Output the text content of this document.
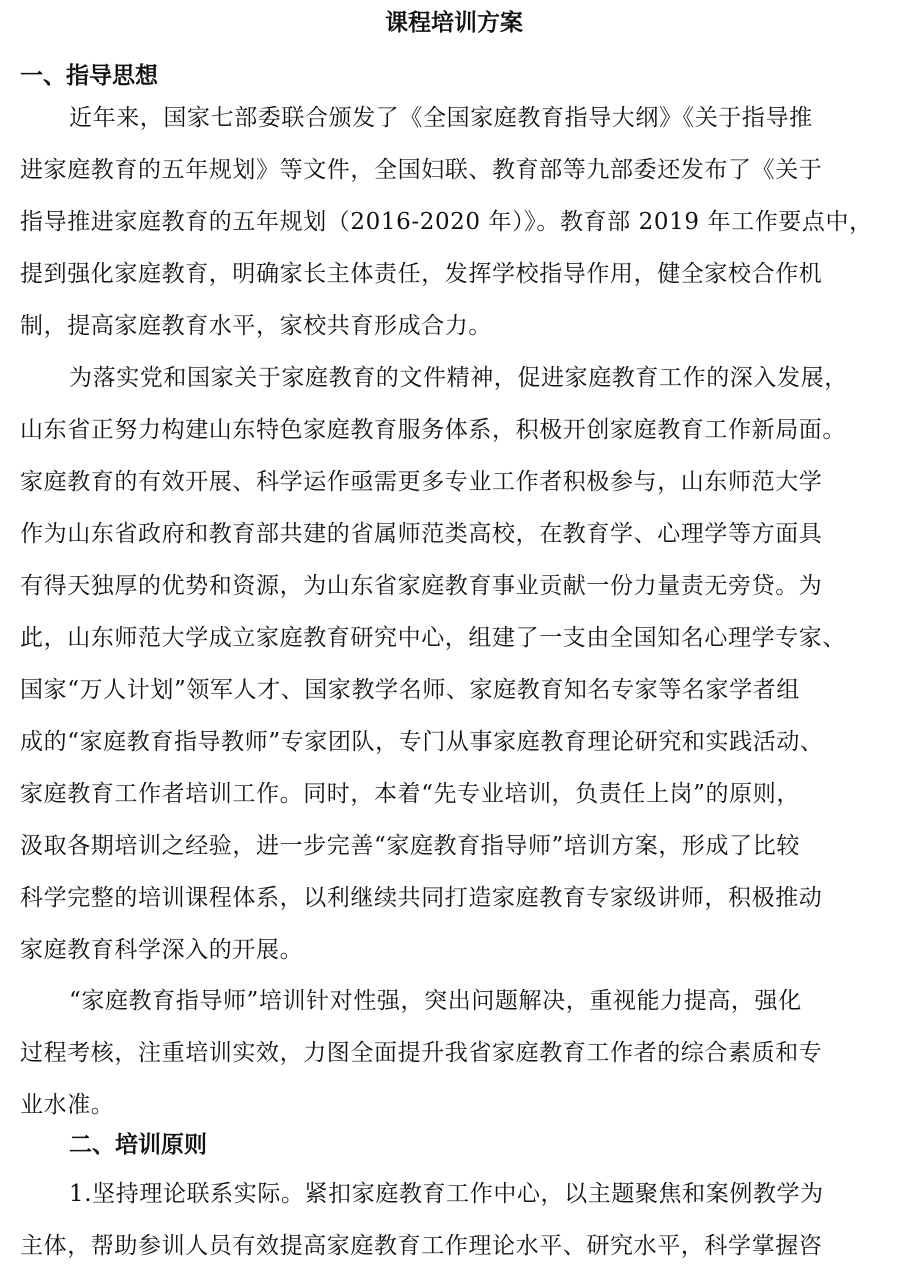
课程培训方案
一、指导思想
近年来，国家七部委联合颁发了《全国家庭教育指导大纲》《关于指导推
进家庭教育的五年规划》等文件，全国妇联、教育部等九部委还发布了《关于
指导推进家庭教育的五年规划（2016-2020 年）》。教育部 2019 年工作要点中，
提到强化家庭教育，明确家长主体责任，发挥学校指导作用，健全家校合作机
制，提高家庭教育水平，家校共育形成合力。
为落实党和国家关于家庭教育的文件精神，促进家庭教育工作的深入发展，
山东省正努力构建山东特色家庭教育服务体系，积极开创家庭教育工作新局面。
家庭教育的有效开展、科学运作亟需更多专业工作者积极参与，山东师范大学
作为山东省政府和教育部共建的省属师范类高校，在教育学、心理学等方面具
有得天独厚的优势和资源，为山东省家庭教育事业贡献一份力量责无旁贷。为
此，山东师范大学成立家庭教育研究中心，组建了一支由全国知名心理学专家、
国家“万人计划”领军人才、国家教学名师、家庭教育知名专家等名家学者组
成的“家庭教育指导教师”专家团队，专门从事家庭教育理论研究和实践活动、
家庭教育工作者培训工作。同时，本着“先专业培训，负责任上岗”的原则，
汲取各期培训之经验，进一步完善“家庭教育指导师”培训方案，形成了比较
科学完整的培训课程体系，以利继续共同打造家庭教育专家级讲师，积极推动
家庭教育科学深入的开展。
“家庭教育指导师”培训针对性强，突出问题解决，重视能力提高，强化
过程考核，注重培训实效，力图全面提升我省家庭教育工作者的综合素质和专
业水准。
二、培训原则
1.坚持理论联系实际。紧扣家庭教育工作中心，以主题聚焦和案例教学为
主体，帮助参训人员有效提高家庭教育工作理论水平、研究水平，科学掌握咨
